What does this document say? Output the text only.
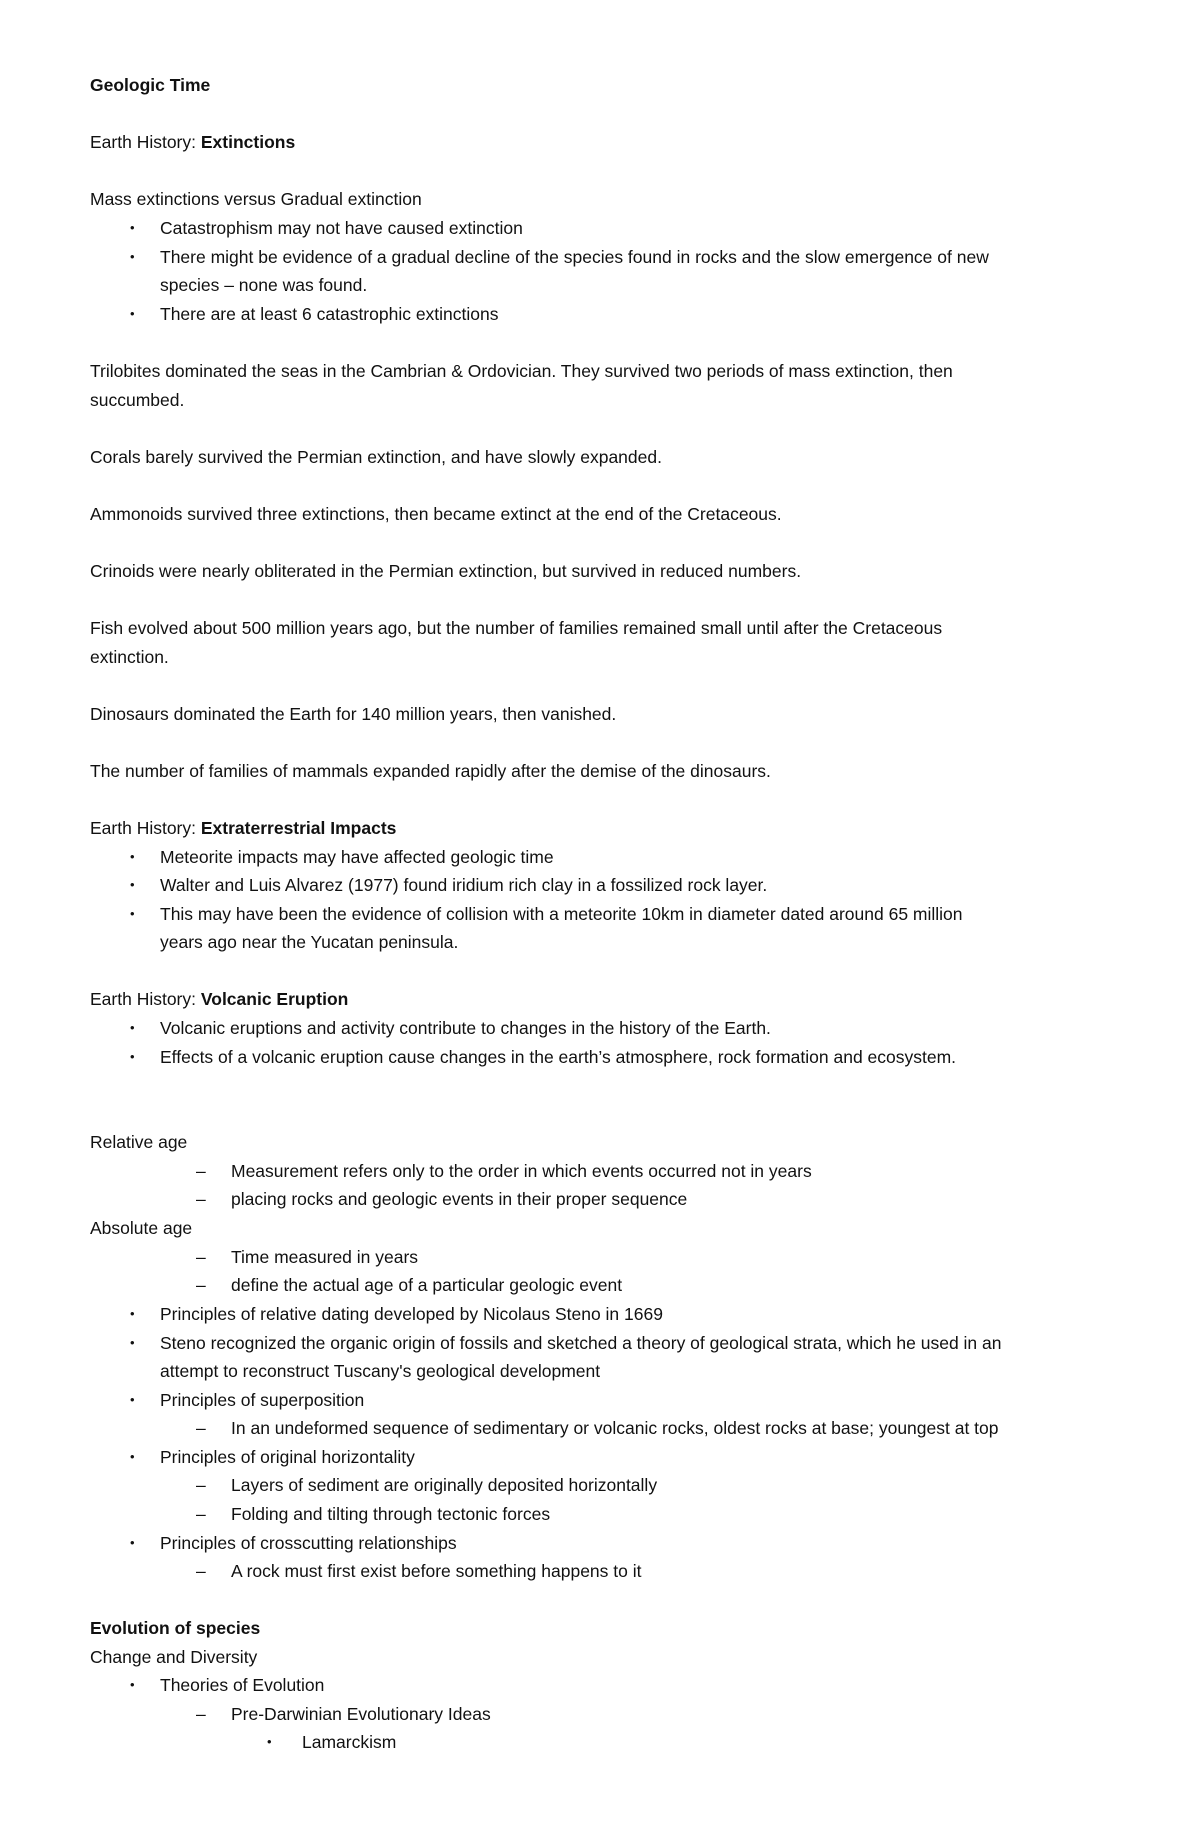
Geologic Time
Earth History: Extinctions
Mass extinctions versus Gradual extinction
• Catastrophism may not have caused extinction
• There might be evidence of a gradual decline of the species found in rocks and the slow emergence of new
species – none was found.
• There are at least 6 catastrophic extinctions
Trilobites dominated the seas in the Cambrian & Ordovician. They survived two periods of mass extinction, then
succumbed.
Corals barely survived the Permian extinction, and have slowly expanded.
Ammonoids survived three extinctions, then became extinct at the end of the Cretaceous.
Crinoids were nearly obliterated in the Permian extinction, but survived in reduced numbers.
Fish evolved about 500 million years ago, but the number of families remained small until after the Cretaceous
extinction.
Dinosaurs dominated the Earth for 140 million years, then vanished.
The number of families of mammals expanded rapidly after the demise of the dinosaurs.
Earth History: Extraterrestrial Impacts
• Meteorite impacts may have affected geologic time
• Walter and Luis Alvarez (1977) found iridium rich clay in a fossilized rock layer.
• This may have been the evidence of collision with a meteorite 10km in diameter dated around 65 million
years ago near the Yucatan peninsula.
Earth History: Volcanic Eruption
• Volcanic eruptions and activity contribute to changes in the history of the Earth.
• Effects of a volcanic eruption cause changes in the earth’s atmosphere, rock formation and ecosystem.
Relative age
– Measurement refers only to the order in which events occurred not in years
– placing rocks and geologic events in their proper sequence
Absolute age
– Time measured in years
– define the actual age of a particular geologic event
• Principles of relative dating developed by Nicolaus Steno in 1669
• Steno recognized the organic origin of fossils and sketched a theory of geological strata, which he used in an
attempt to reconstruct Tuscany's geological development
• Principles of superposition
– In an undeformed sequence of sedimentary or volcanic rocks, oldest rocks at base; youngest at top
• Principles of original horizontality
– Layers of sediment are originally deposited horizontally
– Folding and tilting through tectonic forces
• Principles of crosscutting relationships
– A rock must first exist before something happens to it
Evolution of species
Change and Diversity
• Theories of Evolution
– Pre-Darwinian Evolutionary Ideas
• Lamarckism
